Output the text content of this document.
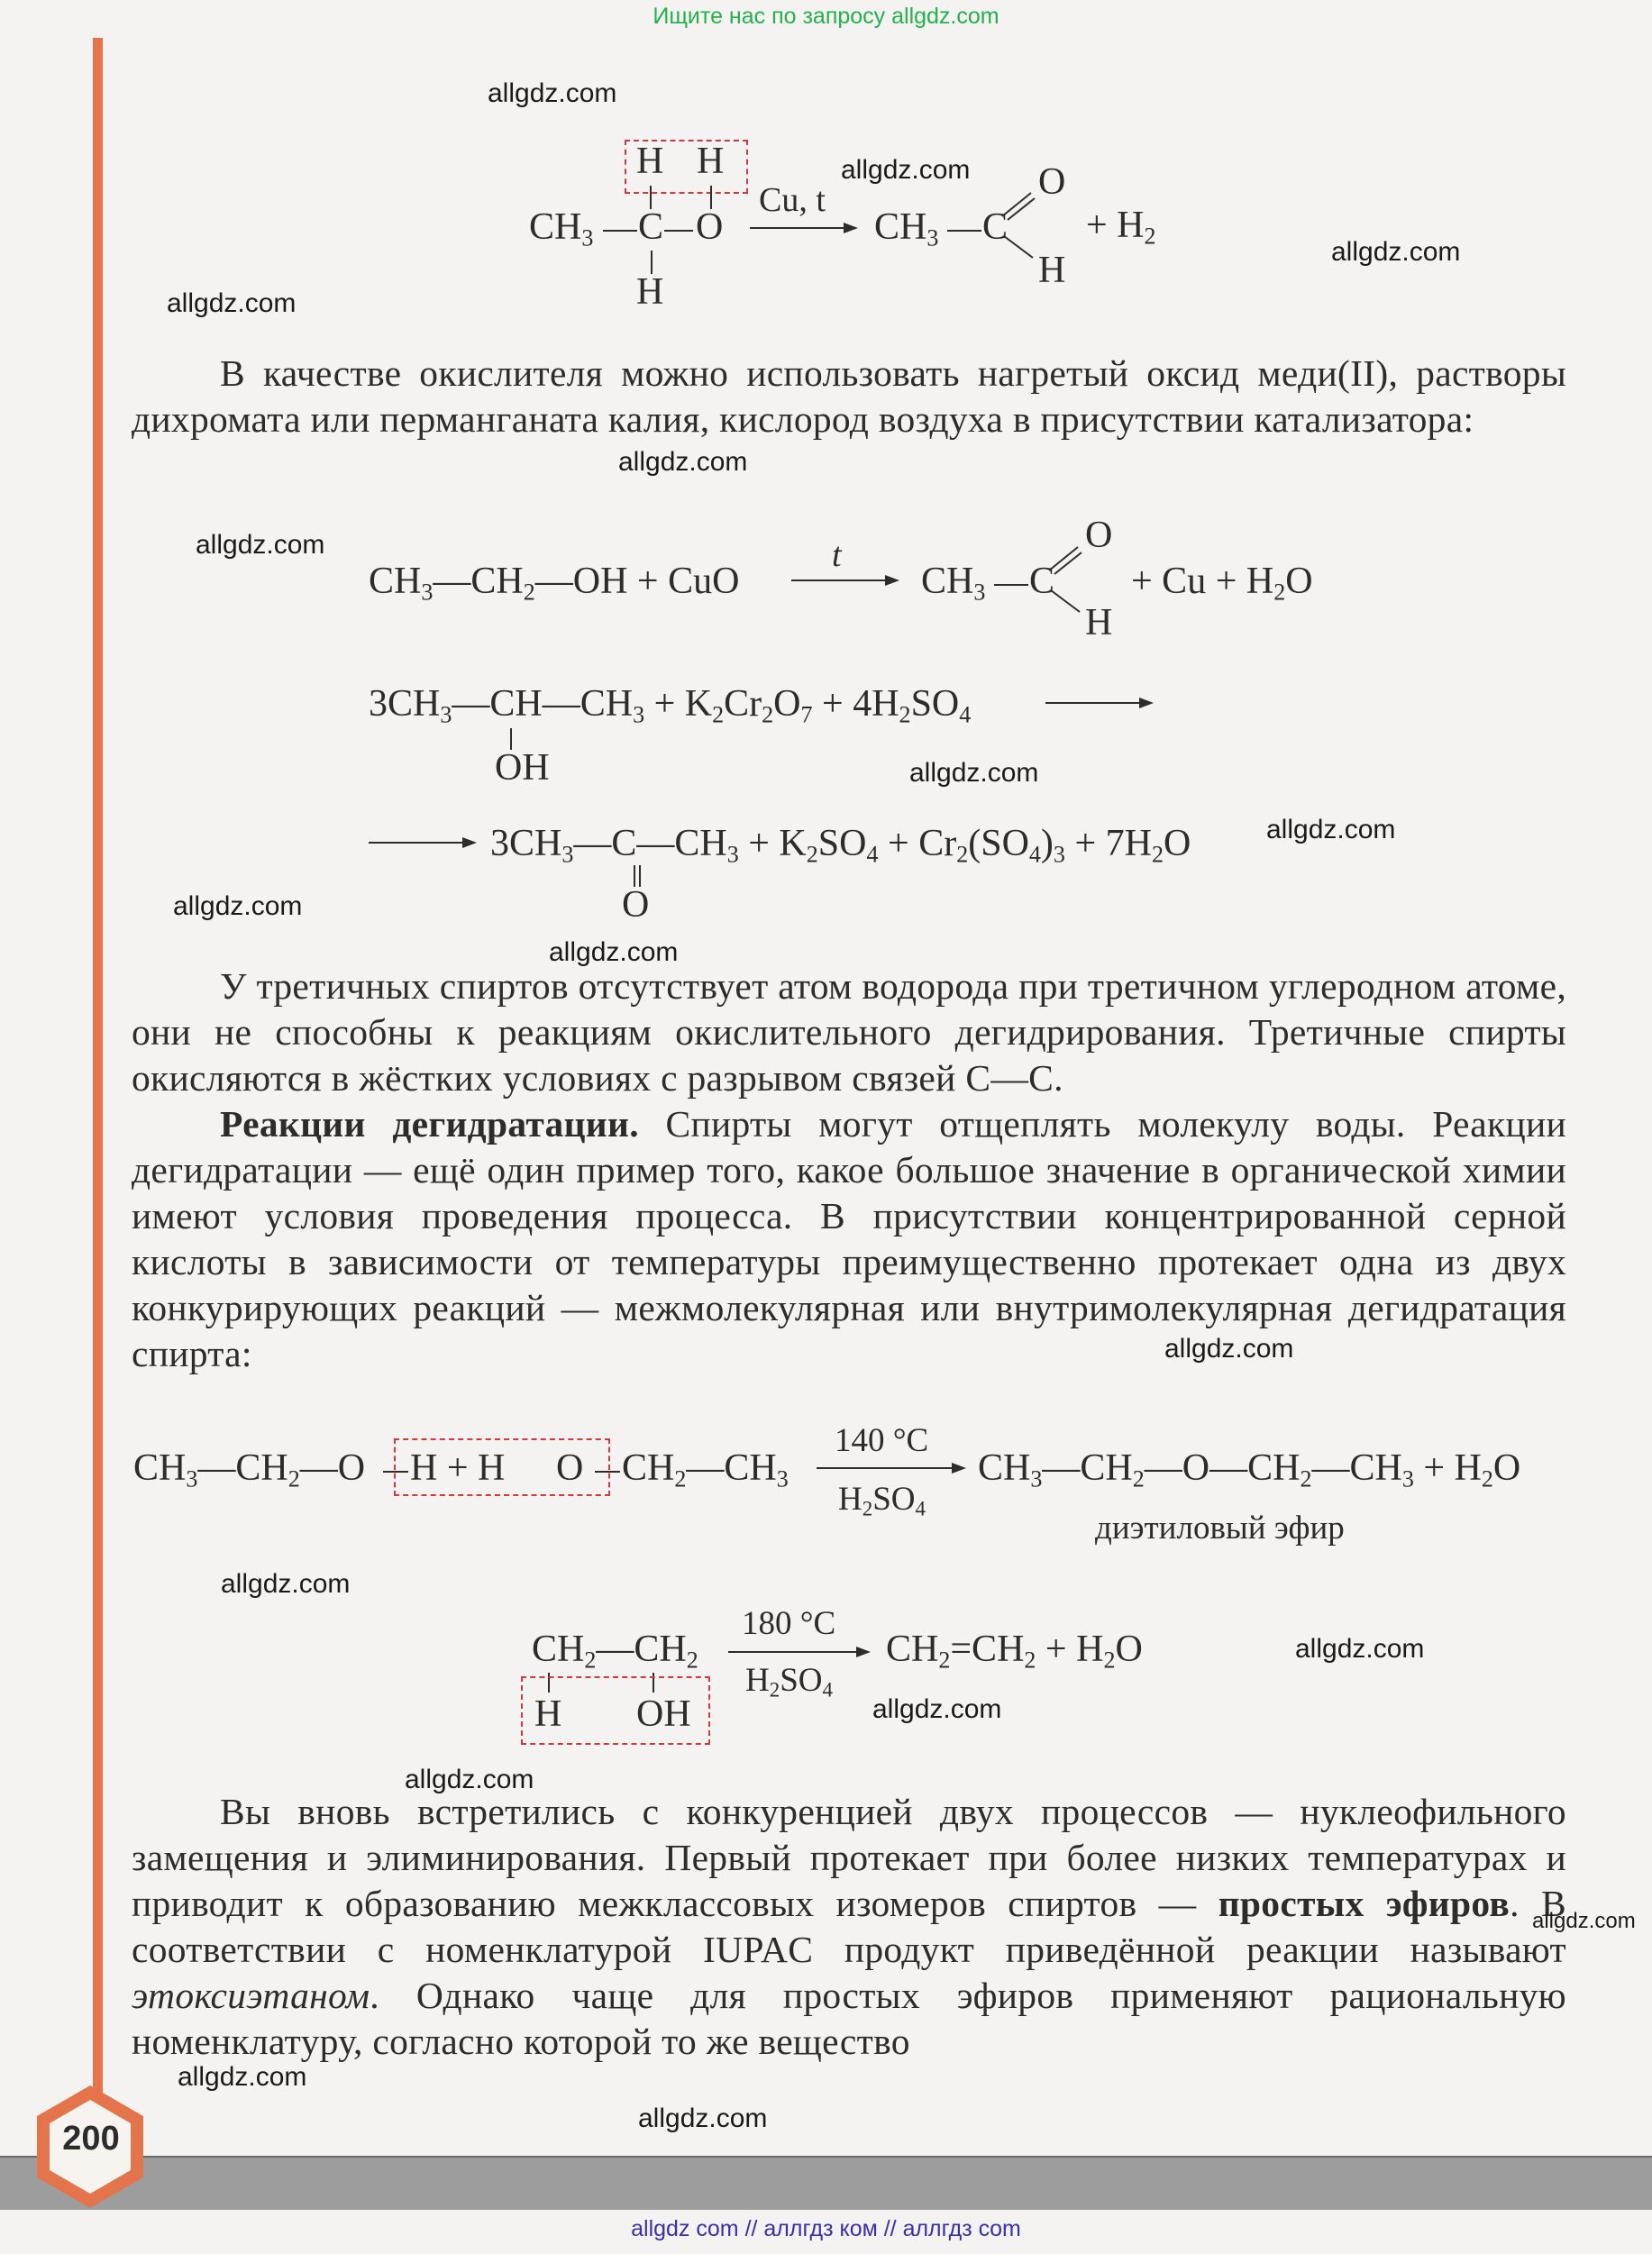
Ищите нас по запросу allgdz.com
200
H H
$CH_3$ C O
H
Cu, t
$CH_3$ C
O
H
+ $H_2$

В качестве окислителя можно использовать нагретый оксид меди(II), растворы дихромата или перманганата калия, кислород воздуха в присутствии катализатора:

$CH_3—CH_2—OH$ + CuO
t
$CH_3$ C
O
H
+ $Cu + H_2O$
$3CH_3—CH—CH_3 + K_2Cr_2O_7 + 4H_2SO_4$
OH
$3CH_3—C—CH_3 + K_2SO_4 + Cr_2(SO_4)_3 + 7H_2O$
O

У третичных спиртов отсутствует атом водорода при третичном углеродном атоме, они не способны к реакциям окислительного дегидрирования. Третичные спирты окисляются в жёстких условиях с разрывом связей С—С.

Реакции дегидратации. Спирты могут отщеплять молекулу воды. Реакции дегидратации — ещё один пример того, какое большое значение в органической химии имеют условия проведения процесса. В присутствии концентрированной серной кислоты в зависимости от температуры преимущественно протекает одна из двух конкурирующих реакций — межмолекулярная или внутримолекулярная дегидратация спирта:

$CH_3—CH_2—O$ H + H O $CH_2—CH_3$
140 °C
$H_2SO_4$
$CH_3—CH_2—O—CH_2—CH_3 + H_2O$
диэтиловый эфир
$CH_2—CH_2$
H OH
180 °C
$H_2SO_4$
$CH_2=CH_2 + H_2O$

Вы вновь встретились с конкуренцией двух процессов — нуклеофильного замещения и элиминирования. Первый протекает при более низких температурах и приводит к образованию межклассовых изомеров спиртов — простых эфиров. В соответствии с номенклатурой IUPAC продукт приведённой реакции называют этоксиэтаном. Однако чаще для простых эфиров применяют рациональную номенклатуру, согласно которой то же вещество

allgdz.com
allgdz.com
allgdz.com
allgdz.com
allgdz.com
allgdz.com
allgdz.com
allgdz.com
allgdz.com
allgdz.com
allgdz.com
allgdz.com
allgdz.com
allgdz.com
allgdz.com
allgdz.com
allgdz.com
allgdz.com
allgdz com // аллгдз ком // аллгдз com
